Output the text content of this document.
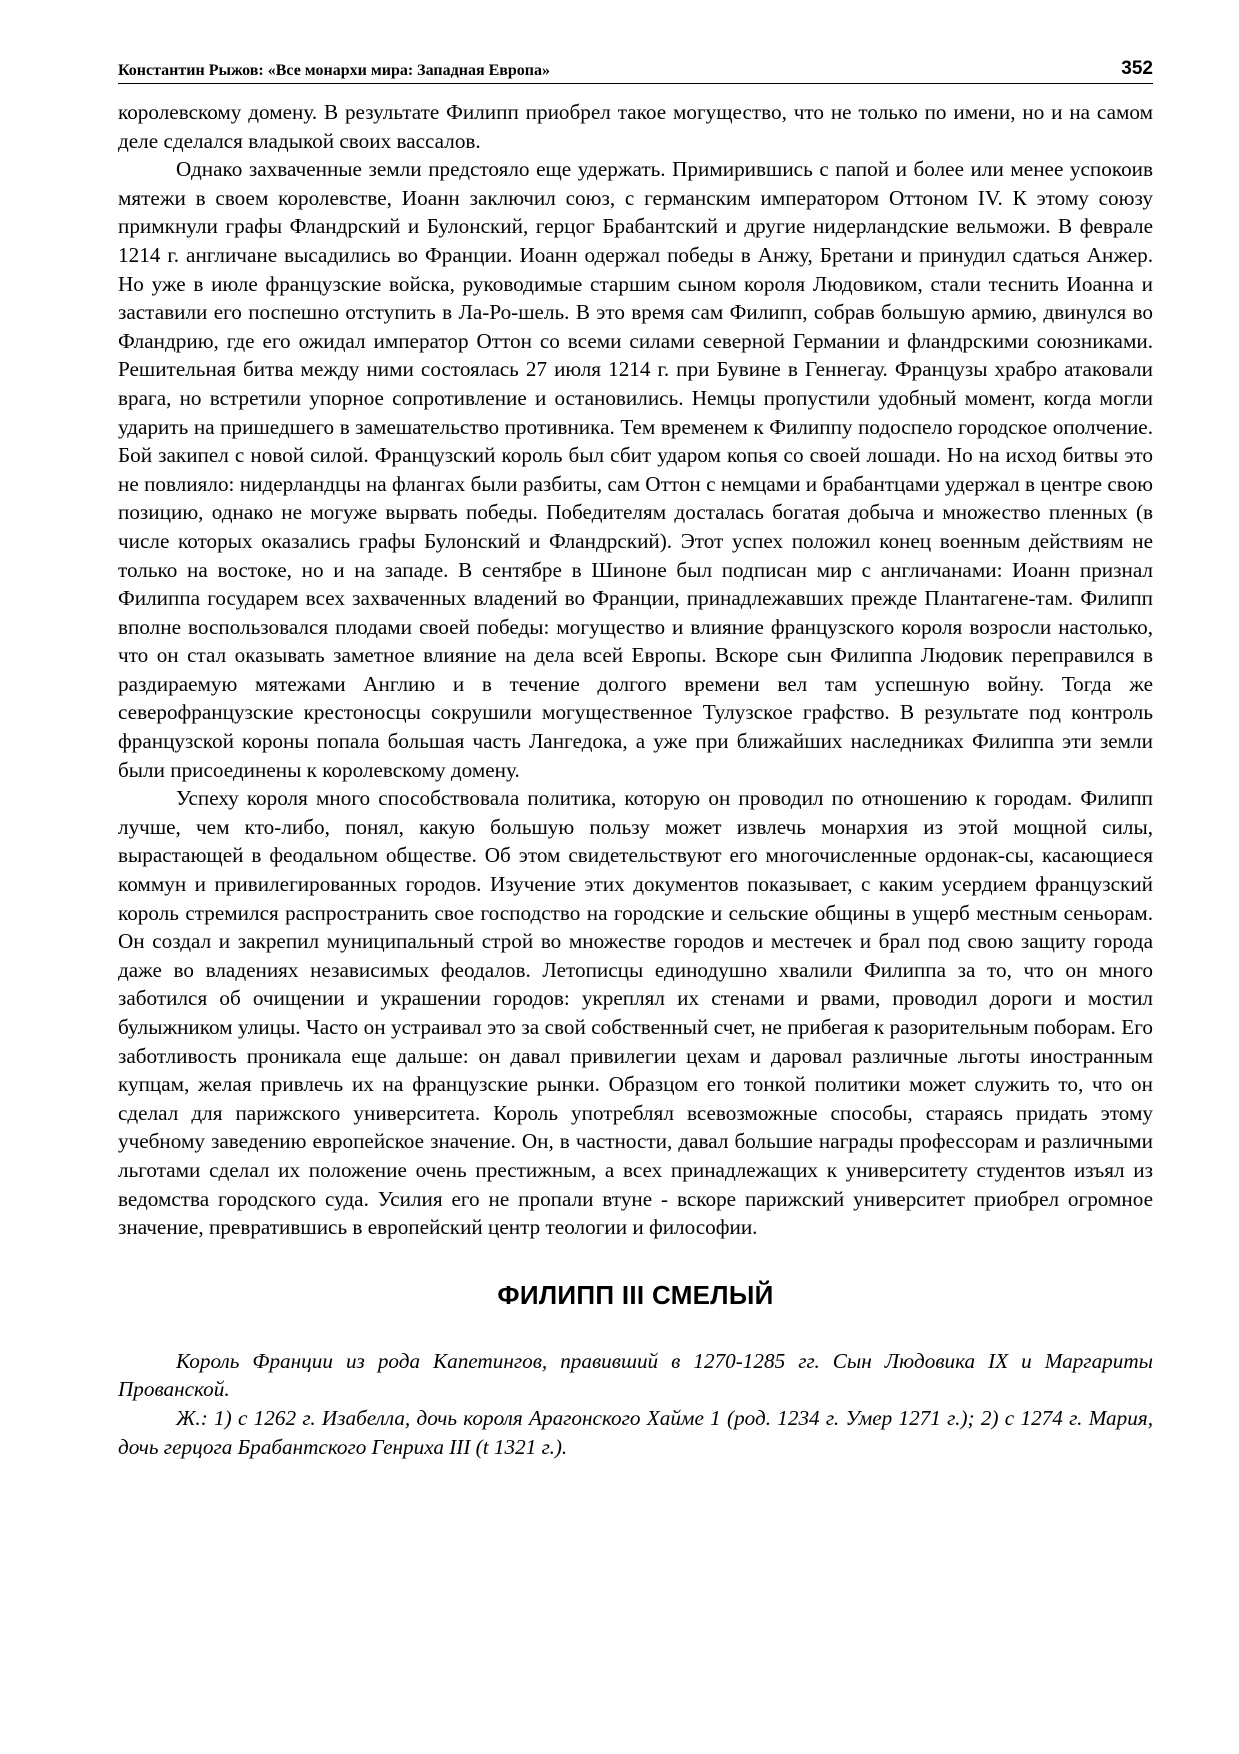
Константин Рыжов: «Все монархи мира: Западная Европа»	352

королевскому домену. В результате Филипп приобрел такое могущество, что не только по имени, но и на самом деле сделался владыкой своих вассалов.

Однако захваченные земли предстояло еще удержать. Примирившись с папой и более или менее успокоив мятежи в своем королевстве, Иоанн заключил союз, с германским императором Оттоном IV. К этому союзу примкнули графы Фландрский и Булонский, герцог Брабантский и другие нидерландские вельможи. В феврале 1214 г. англичане высадились во Франции. Иоанн одержал победы в Анжу, Бретани и принудил сдаться Анжер. Но уже в июле французские войска, руководимые старшим сыном короля Людовиком, стали теснить Иоанна и заставили его поспешно отступить в Ла-Ро-шель. В это время сам Филипп, собрав большую армию, двинулся во Фландрию, где его ожидал император Оттон со всеми силами северной Германии и фландрскими союзниками. Решительная битва между ними состоялась 27 июля 1214 г. при Бувине в Геннегау. Французы храбро атаковали врага, но встретили упорное сопротивление и остановились. Немцы пропустили удобный момент, когда могли ударить на пришедшего в замешательство противника. Тем временем к Филиппу подоспело городское ополчение. Бой закипел с новой силой. Французский король был сбит ударом копья со своей лошади. Но на исход битвы это не повлияло: нидерландцы на флангах были разбиты, сам Оттон с немцами и брабантцами удержал в центре свою позицию, однако не могуже вырвать победы. Победителям досталась богатая добыча и множество пленных (в числе которых оказались графы Булонский и Фландрский). Этот успех положил конец военным действиям не только на востоке, но и на западе. В сентябре в Шиноне был подписан мир с англичанами: Иоанн признал Филиппа государем всех захваченных владений во Франции, принадлежавших прежде Плантагене-там. Филипп вполне воспользовался плодами своей победы: могущество и влияние французского короля возросли настолько, что он стал оказывать заметное влияние на дела всей Европы. Вскоре сын Филиппа Людовик переправился в раздираемую мятежами Англию и в течение долгого времени вел там успешную войну. Тогда же северофранцузские крестоносцы сокрушили могущественное Тулузское графство. В результате под контроль французской короны попала большая часть Лангедока, а уже при ближайших наследниках Филиппа эти земли были присоединены к королевскому домену.

Успеху короля много способствовала политика, которую он проводил по отношению к городам. Филипп лучше, чем кто-либо, понял, какую большую пользу может извлечь монархия из этой мощной силы, вырастающей в феодальном обществе. Об этом свидетельствуют его многочисленные ордонак-сы, касающиеся коммун и привилегированных городов. Изучение этих документов показывает, с каким усердием французский король стремился распространить свое господство на городские и сельские общины в ущерб местным сеньорам. Он создал и закрепил муниципальный строй во множестве городов и местечек и брал под свою защиту города даже во владениях независимых феодалов. Летописцы единодушно хвалили Филиппа за то, что он много заботился об очищении и украшении городов: укреплял их стенами и рвами, проводил дороги и мостил булыжником улицы. Часто он устраивал это за свой собственный счет, не прибегая к разорительным поборам. Его заботливость проникала еще дальше: он давал привилегии цехам и даровал различные льготы иностранным купцам, желая привлечь их на французские рынки. Образцом его тонкой политики может служить то, что он сделал для парижского университета. Король употреблял всевозможные способы, стараясь придать этому учебному заведению европейское значение. Он, в частности, давал большие награды профессорам и различными льготами сделал их положение очень престижным, а всех принадлежащих к университету студентов изъял из ведомства городского суда. Усилия его не пропали втуне - вскоре парижский университет приобрел огромное значение, превратившись в европейский центр теологии и философии.

ФИЛИПП III СМЕЛЫЙ

Король Франции из рода Капетингов, правивший в 1270-1285 гг. Сын Людовика IX и Маргариты Прованской.

Ж.: 1) с 1262 г. Изабелла, дочь короля Арагонского Хайме 1 (род. 1234 г. Умер 1271 г.); 2) с 1274 г. Мария, дочь герцога Брабантского Генриха III (t 1321 г.).
